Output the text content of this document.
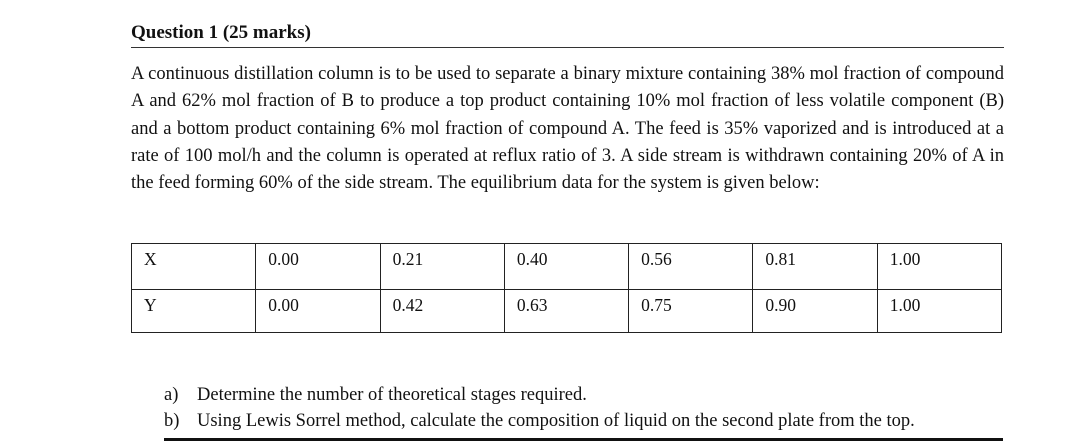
Question 1 (25 marks)

A continuous distillation column is to be used to separate a binary mixture containing 38% mol fraction of compound A and 62% mol fraction of B to produce a top product containing 10% mol fraction of less volatile component (B) and a bottom product containing 6% mol fraction of compound A. The feed is 35% vaporized and is introduced at a rate of 100 mol/h and the column is operated at reflux ratio of 3. A side stream is withdrawn containing 20% of A in the feed forming 60% of the side stream. The equilibrium data for the system is given below:

X	0.00	0.21	0.40	0.56	0.81	1.00
Y	0.00	0.42	0.63	0.75	0.90	1.00
a) Determine the number of theoretical stages required.
b) Using Lewis Sorrel method, calculate the composition of liquid on the second plate from the top.
